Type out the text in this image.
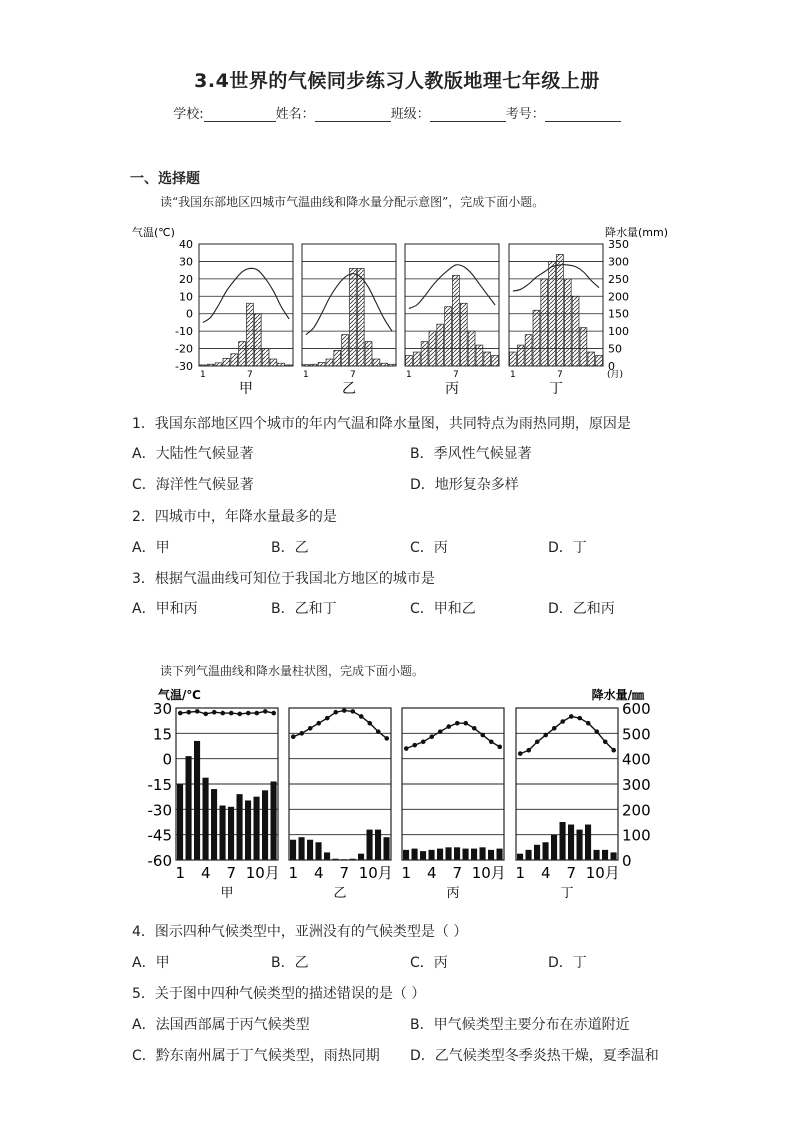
3.4世界的气候同步练习人教版地理七年级上册
学校:	姓名：	班级：	考号：
一、选择题
读“我国东部地区四城市气温曲线和降水量分配示意图”，完成下面小题。
气温(℃)	降水量(mm)
40
30
20
10
0
-10
-20
-30
350
300
250
200
150
100
50
0
1	7
甲
1	7
乙
1	7
丙
1	7
丁
(月)
1．我国东部地区四个城市的年内气温和降水量图，共同特点为雨热同期，原因是
A．大陆性气候显著	B．季风性气候显著
C．海洋性气候显著	D．地形复杂多样
2．四城市中，年降水量最多的是
A．甲	B．乙	C．丙	D．丁
3．根据气温曲线可知位于我国北方地区的城市是
A．甲和丙	B．乙和丁	C．甲和乙	D．乙和丙
读下列气温曲线和降水量柱状图，完成下面小题。
气温/℃	降水量/㎜
30
15
0
-15
-30
-45
-60
600
500
400
300
200
100
0
1 4 7 10月
甲
1 4 7 10月
乙
1 4 7 10月
丙
1 4 7 10月
丁
4．图示四种气候类型中，亚洲没有的气候类型是（ ）
A．甲	B．乙	C．丙	D．丁
5．关于图中四种气候类型的描述错误的是（ ）
A．法国西部属于丙气候类型	B．甲气候类型主要分布在赤道附近
C．黔东南州属于丁气候类型，雨热同期 D．乙气候类型冬季炎热干燥，夏季温和
